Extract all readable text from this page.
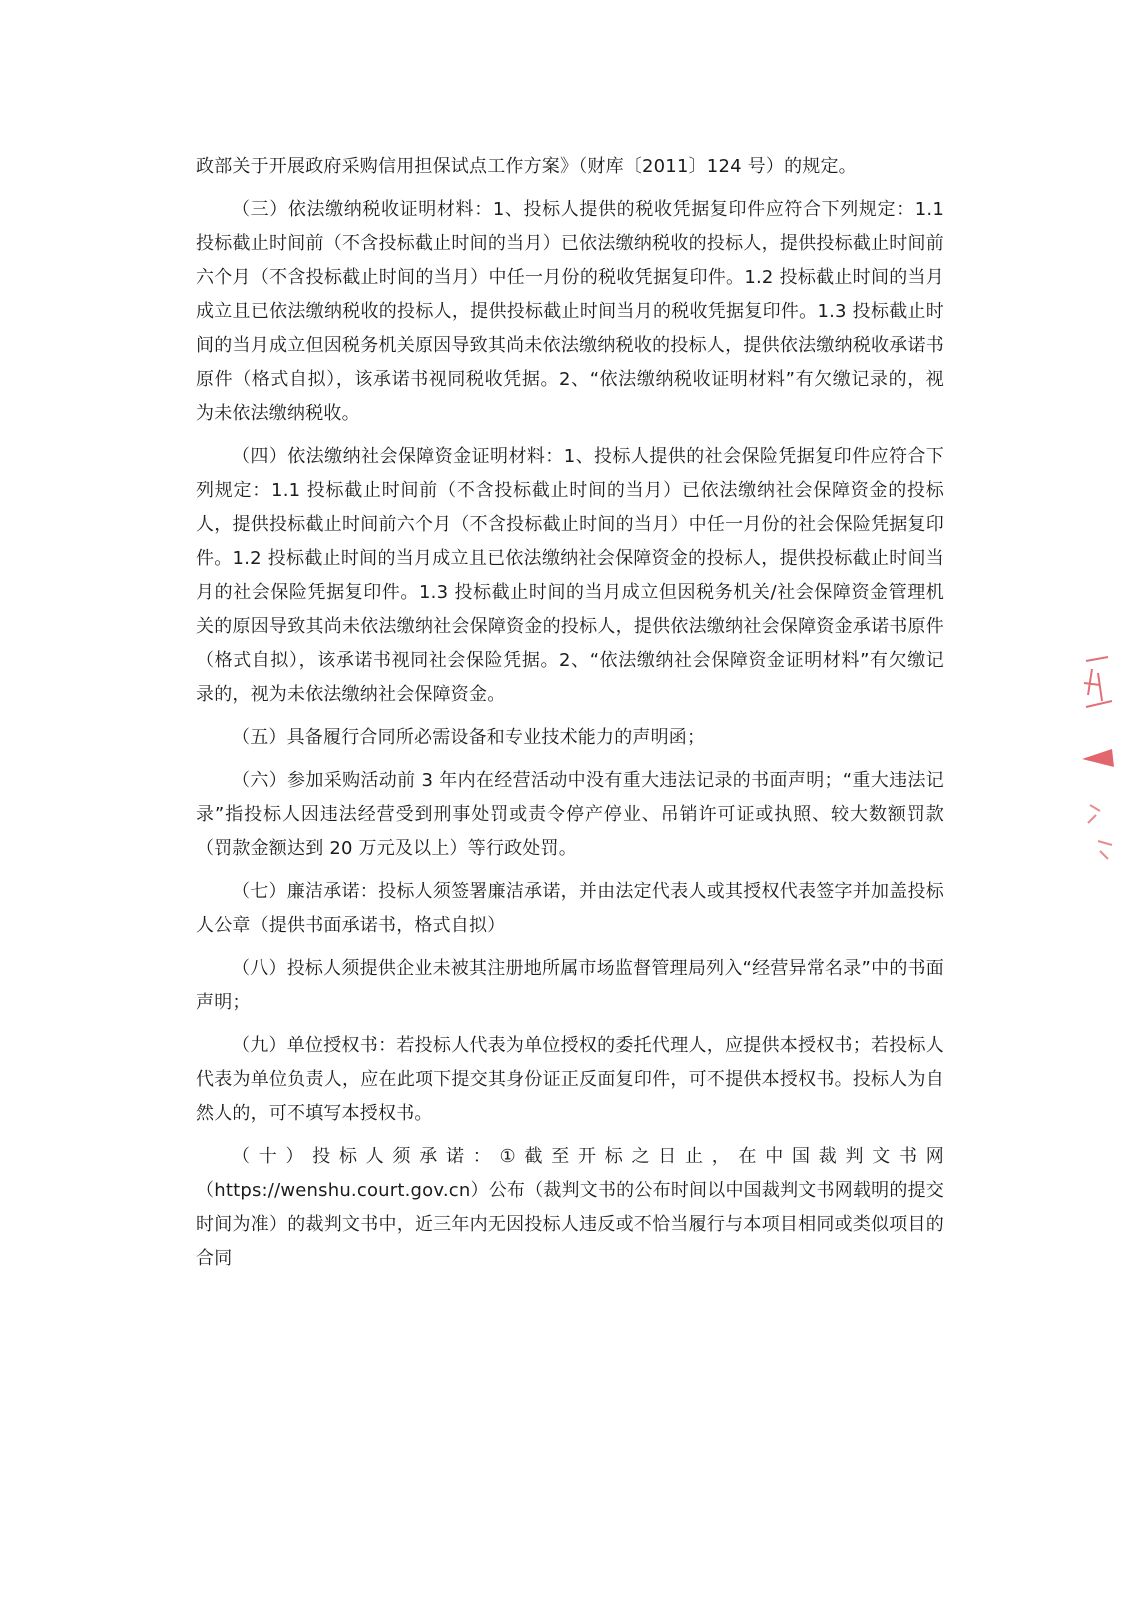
政部关于开展政府采购信用担保试点工作方案》（财库〔2011〕124 号）的规定。

（三）依法缴纳税收证明材料：1、投标人提供的税收凭据复印件应符合下列规定：1.1 投标截止时间前（不含投标截止时间的当月）已依法缴纳税收的投标人，提供投标截止时间前六个月（不含投标截止时间的当月）中任一月份的税收凭据复印件。1.2 投标截止时间的当月成立且已依法缴纳税收的投标人，提供投标截止时间当月的税收凭据复印件。1.3 投标截止时间的当月成立但因税务机关原因导致其尚未依法缴纳税收的投标人，提供依法缴纳税收承诺书原件（格式自拟），该承诺书视同税收凭据。2、“依法缴纳税收证明材料”有欠缴记录的，视为未依法缴纳税收。

（四）依法缴纳社会保障资金证明材料：1、投标人提供的社会保险凭据复印件应符合下列规定：1.1 投标截止时间前（不含投标截止时间的当月）已依法缴纳社会保障资金的投标人，提供投标截止时间前六个月（不含投标截止时间的当月）中任一月份的社会保险凭据复印件。1.2 投标截止时间的当月成立且已依法缴纳社会保障资金的投标人，提供投标截止时间当月的社会保险凭据复印件。1.3 投标截止时间的当月成立但因税务机关/社会保障资金管理机关的原因导致其尚未依法缴纳社会保障资金的投标人，提供依法缴纳社会保障资金承诺书原件（格式自拟），该承诺书视同社会保险凭据。2、“依法缴纳社会保障资金证明材料”有欠缴记录的，视为未依法缴纳社会保障资金。

（五）具备履行合同所必需设备和专业技术能力的声明函；

（六）参加采购活动前 3 年内在经营活动中没有重大违法记录的书面声明；“重大违法记录”指投标人因违法经营受到刑事处罚或责令停产停业、吊销许可证或执照、较大数额罚款（罚款金额达到 20 万元及以上）等行政处罚。

（七）廉洁承诺：投标人须签署廉洁承诺，并由法定代表人或其授权代表签字并加盖投标人公章（提供书面承诺书，格式自拟）

（八）投标人须提供企业未被其注册地所属市场监督管理局列入“经营异常名录”中的书面声明；

（九）单位授权书：若投标人代表为单位授权的委托代理人，应提供本授权书；若投标人代表为单位负责人，应在此项下提交其身份证正反面复印件，可不提供本授权书。投标人为自然人的，可不填写本授权书。

（十）投标人须承诺：①截至开标之日止，在中国裁判文书网（https://wenshu.court.gov.cn）公布（裁判文书的公布时间以中国裁判文书网载明的提交时间为准）的裁判文书中，近三年内无因投标人违反或不恰当履行与本项目相同或类似项目的合同
